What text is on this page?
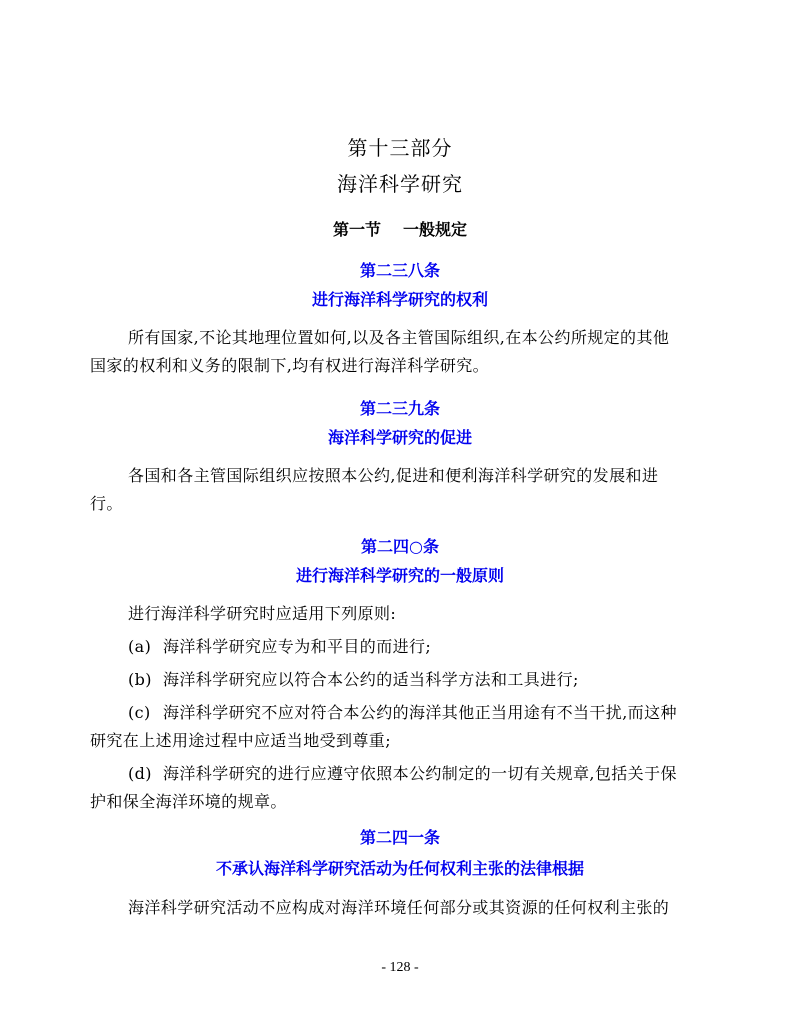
第十三部分
海洋科学研究
第一节 一般规定
第二三八条
进行海洋科学研究的权利
所有国家,不论其地理位置如何,以及各主管国际组织,在本公约所规定的其他
国家的权利和义务的限制下,均有权进行海洋科学研究。
第二三九条
海洋科学研究的促进
各国和各主管国际组织应按照本公约,促进和便利海洋科学研究的发展和进
行。
第二四○条
进行海洋科学研究的一般原则
进行海洋科学研究时应适用下列原则:
(a) 海洋科学研究应专为和平目的而进行;
(b) 海洋科学研究应以符合本公约的适当科学方法和工具进行;
(c) 海洋科学研究不应对符合本公约的海洋其他正当用途有不当干扰,而这种
研究在上述用途过程中应适当地受到尊重;
(d) 海洋科学研究的进行应遵守依照本公约制定的一切有关规章,包括关于保
护和保全海洋环境的规章。
第二四一条
不承认海洋科学研究活动为任何权利主张的法律根据
海洋科学研究活动不应构成对海洋环境任何部分或其资源的任何权利主张的
- 128 -
